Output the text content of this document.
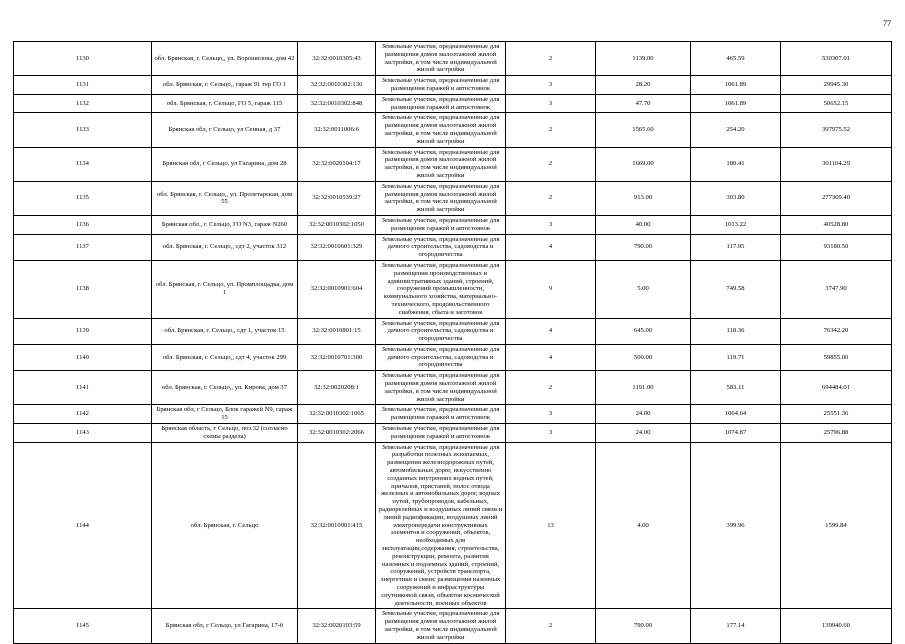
77
1130	обл. Брянская, г. Сельцо,, ул. Ворошилова, дом 42	32:32:0010305:43	Земельные участки, предназначенные для размещения домов малоэтажной жилой застройки, в том числе индивидуальной жилой застройки	2	1139.00	465.59	530307.01
1131	обл. Брянская, г. Сельцо,, гараж 91 тер ГО 1	32:32:0010302:136	Земельные участки, предназначенные для размещения гаражей и автостоянок	3	28.20	1061.89	29945.30
1132	обл. Брянская, г. Сельцо, ГО 5, гараж 115	32:32:0010302:848	Земельные участки, предназначенные для размещения гаражей и автостоянок	3	47.70	1061.89	50652.15
1133	Брянская обл, г Сельцо, ул Сенная, д 37	32:32:0011006:6	Земельные участки, предназначенные для размещения домов малоэтажной жилой застройки, в том числе индивидуальной жилой застройки	2	1565.60	254.20	397975.52
1134	Брянская обл, г Сельцо, ул Гагарина, дом 28	32:32:0020104:17	Земельные участки, предназначенные для размещения домов малоэтажной жилой застройки, в том числе индивидуальной жилой застройки	2	1669.00	180.41	301104.29
1135	обл. Брянская, г. Сельцо,, ул. Пролетарская, дом 55	32:32:0010539:27	Земельные участки, предназначенные для размещения домов малоэтажной жилой застройки, в том числе индивидуальной жилой застройки	2	913.00	303.80	277369.40
1136	Брянская обл., г. Сельцо, ГО N3, гараж N260	32:32:0010302:1050	Земельные участки, предназначенные для размещения гаражей и автостоянок	3	40.00	1013.22	40528.80
1137	обл. Брянская, г. Сельцо,, сдт 2, участок 312	32:32:0010601:329	Земельные участки, предназначенные для дачного строительства, садоводства и огородничества	4	790.00	117.95	93180.50
1138	обл. Брянская, г. Сельцо, ул. Промплощадка, дом 1	32:32:0010901:604	Земельные участки, предназначенные для размещения производственных и административных зданий, строений, сооружений промышленности, коммунального хозяйства, материально-технического, продовольственного снабжения, сбыта и заготовок	9	5.00	749.58	3747.90
1139	обл. Брянская, г. Сельцо,, сдт 1, участок 15	32:32:0010801:15	Земельные участки, предназначенные для дачного строительства, садоводства и огородничества	4	645.00	118.36	76342.20
1140	обл. Брянская, г. Сельцо,, сдт 4, участок 299	32:32:0010701:300	Земельные участки, предназначенные для дачного строительства, садоводства и огородничества	4	500.00	119.71	59855.00
1141	обл. Брянская, г. Сельцо,, ул. Кирова, дом 37	32:32:0020208:1	Земельные участки, предназначенные для размещения домов малоэтажной жилой застройки, в том числе индивидуальной жилой застройки	2	1191.00	583.11	694484.01
1142	Брянская обл, г Сельцо, Блок гаражей N9, гараж 15	32:32:0010302:1065	Земельные участки, предназначенные для размещения гаражей и автостоянок	3	24.00	1064.64	25551.36
1143	Брянская область, г Сельцо, поз.32 (согласно схемы раздела)	32:32:0010302:2066	Земельные участки, предназначенные для размещения гаражей и автостоянок	3	24.00	1074.87	25796.88
1144	обл. Брянская, г. Сельцо	32:32:0010901:415	Земельные участки, предназначенные для разработки полезных ископаемых, размещения железнодорожных путей, автомобильных дорог, искусственно созданных внутренних водных путей, причалов, пристаней, полос отвода железных и автомобильных дорог, водных путей, трубопроводов, кабельных, радиорелейных и воздушных линий связи и линий радиофикации, воздушных линий электропередачи конструктивных элементов и сооружений, объектов, необходимых для эксплуатации,содержания, строительства, реконструкции, ремонта, развития наземных и подземных зданий, строений, сооружений, устройств транспорта, энергетики и связи; размещения наземных сооружений и инфраструктуры спутниковой связи, объектов космической деятельности, военных объектов	13	4.00	399.96	1599.84
1145	Брянская обл, г Сельцо, ул Гагарина, 17-б	32:32:0020103:59	Земельные участки, предназначенные для размещения домов малоэтажной жилой застройки, в том числе индивидуальной жилой застройки	2	790.00	177.14	139940.60
